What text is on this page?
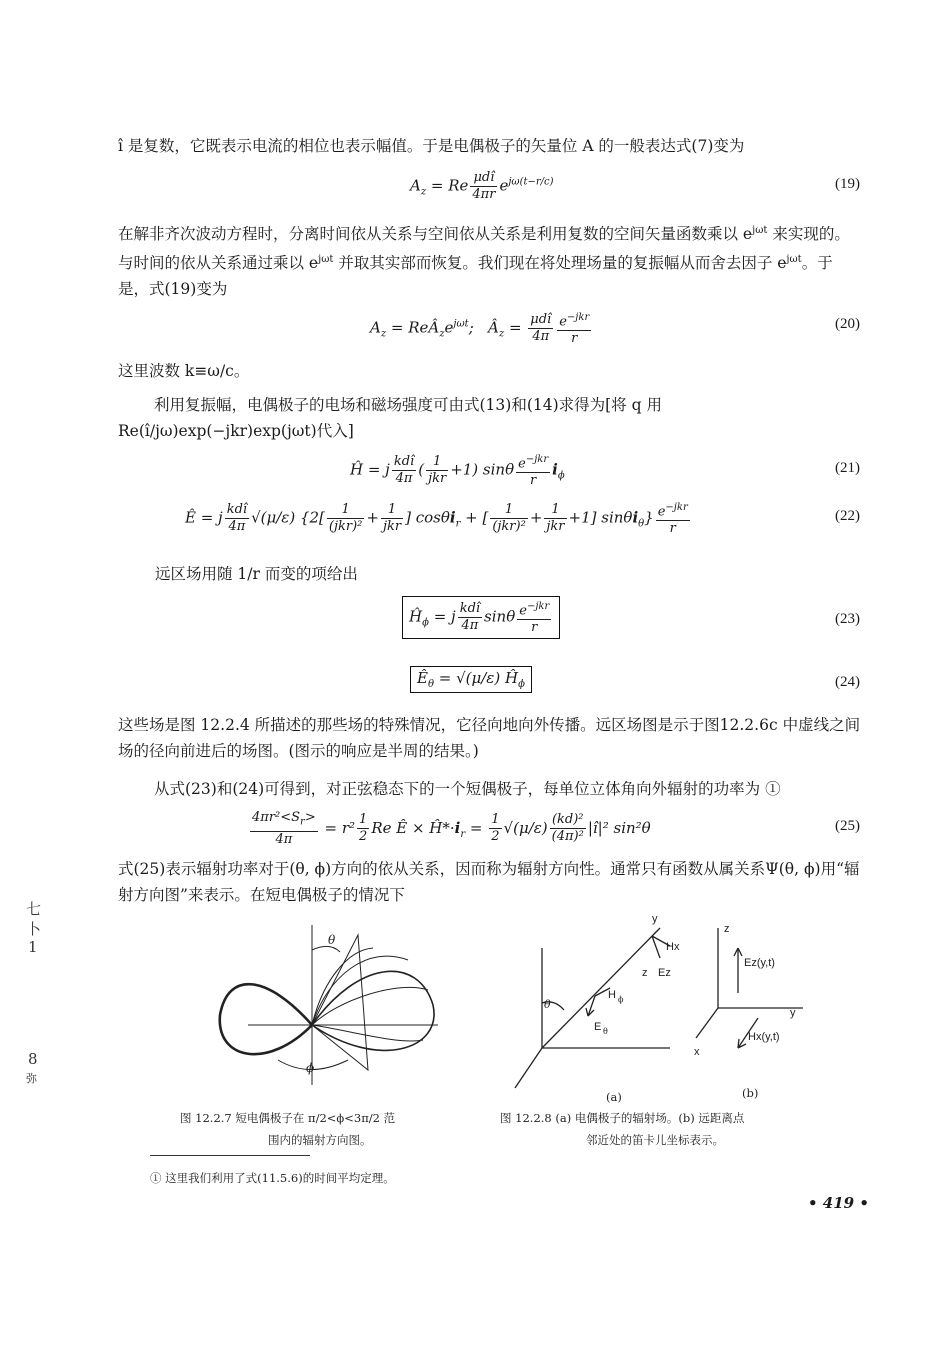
î 是复数，它既表示电流的相位也表示幅值。于是电偶极子的矢量位 A 的一般表达式(7)变为

$A_z = Re \frac{\text{μdî}}{4\pi r} e^{j\omega(t-r/c)}$	(19)

在解非齐次波动方程时，分离时间依从关系与空间依从关系是利用复数的空间矢量函数乘以 $e^{j\omega t}$ 来实现的。与时间的依从关系通过乘以 $e^{j\omega t}$ 并取其实部而恢复。我们现在将处理场量的复振幅从而舍去因子 $e^{j\omega t}$。于是，式(19)变为

$A_z$ = $ReÂ_ze^{j\omega t}$;   $Â_z = \frac{\text{μdî}}{4\pi} \frac{e^{-jkr}}{r}$	(20)

这里波数 k≡ω/c。

利用复振幅，电偶极子的电场和磁场强度可由式(13)和(14)求得为[将 q 用 Re(î/jω)exp(−jkr)exp(jωt)代入]

Ĥ = j $\frac{\text{kdî}}{4\pi}$ ( $\frac{1}{\text{jkr}} +1$) sinθ $\frac{e^{-jkr}}{r} i_\phi$
(21)
Ê = j $\frac{\text{kdî}}{4\pi} √(\mu/\varepsilon)$ {$2[ \frac{1}{\text{(jkr)²}} + \frac{1}{\text{jkr}}$ ] cosθi$_r$ + [ $\frac{1}{\text{(jkr)²}} + \frac{1}{\text{jkr}} +1$] $\sin\theta i_\theta\} \frac{e^{-jkr}}{r}$	(22)

远区场用随 1/r 而变的项给出

$Ĥ_\phi = j \frac{\text{kdî}}{4\pi}$ sinθ $\frac{e^{-jkr}}{r}$	(23)
$Ê_\theta = √(\mu/\varepsilon)$ $Ĥ_\phi$	(24)

这些场是图 12.2.4 所描述的那些场的特殊情况，它径向地向外传播。远区场图是示于图12.2.6c 中虚线之间场的径向前进后的场图。(图示的响应是半周的结果。)

从式(23)和(24)可得到，对正弦稳态下的一个短偶极子，每单位立体角向外辐射的功率为 ①

$\frac{4\pi r^2<S_r>}{4\pi} = r^2 \frac{1}{2}$ Re Ê × $Ĥ*\cdot i_r = \frac{1}{2} √(\mu/\varepsilon) \frac{\text{(kd)²}}{\text{(4π)²}}$ |î|² sin²θ	(25)

式(25)表示辐射功率对于(θ, ϕ)方向的依从关系，因而称为辐射方向性。通常只有函数从属关系Ψ(θ, ϕ)用“辐射方向图”来表示。在短电偶极子的情况下

七
卜
1
8
弥
θ
ϕ
图 12.2.7 短电偶极子在 π/2<ϕ<3π/2 范
围内的辐射方向图。
θ
H ϕ
E θ
y
Hx
z Ez
(a)
z
Ez(y,t)
y
x
Hx(y,t)
(b)
图 12.2.8 (a) 电偶极子的辐射场。(b) 远距离点
邻近处的笛卡儿坐标表示。
① 这里我们利用了式(11.5.6)的时间平均定理。
• 419 •
